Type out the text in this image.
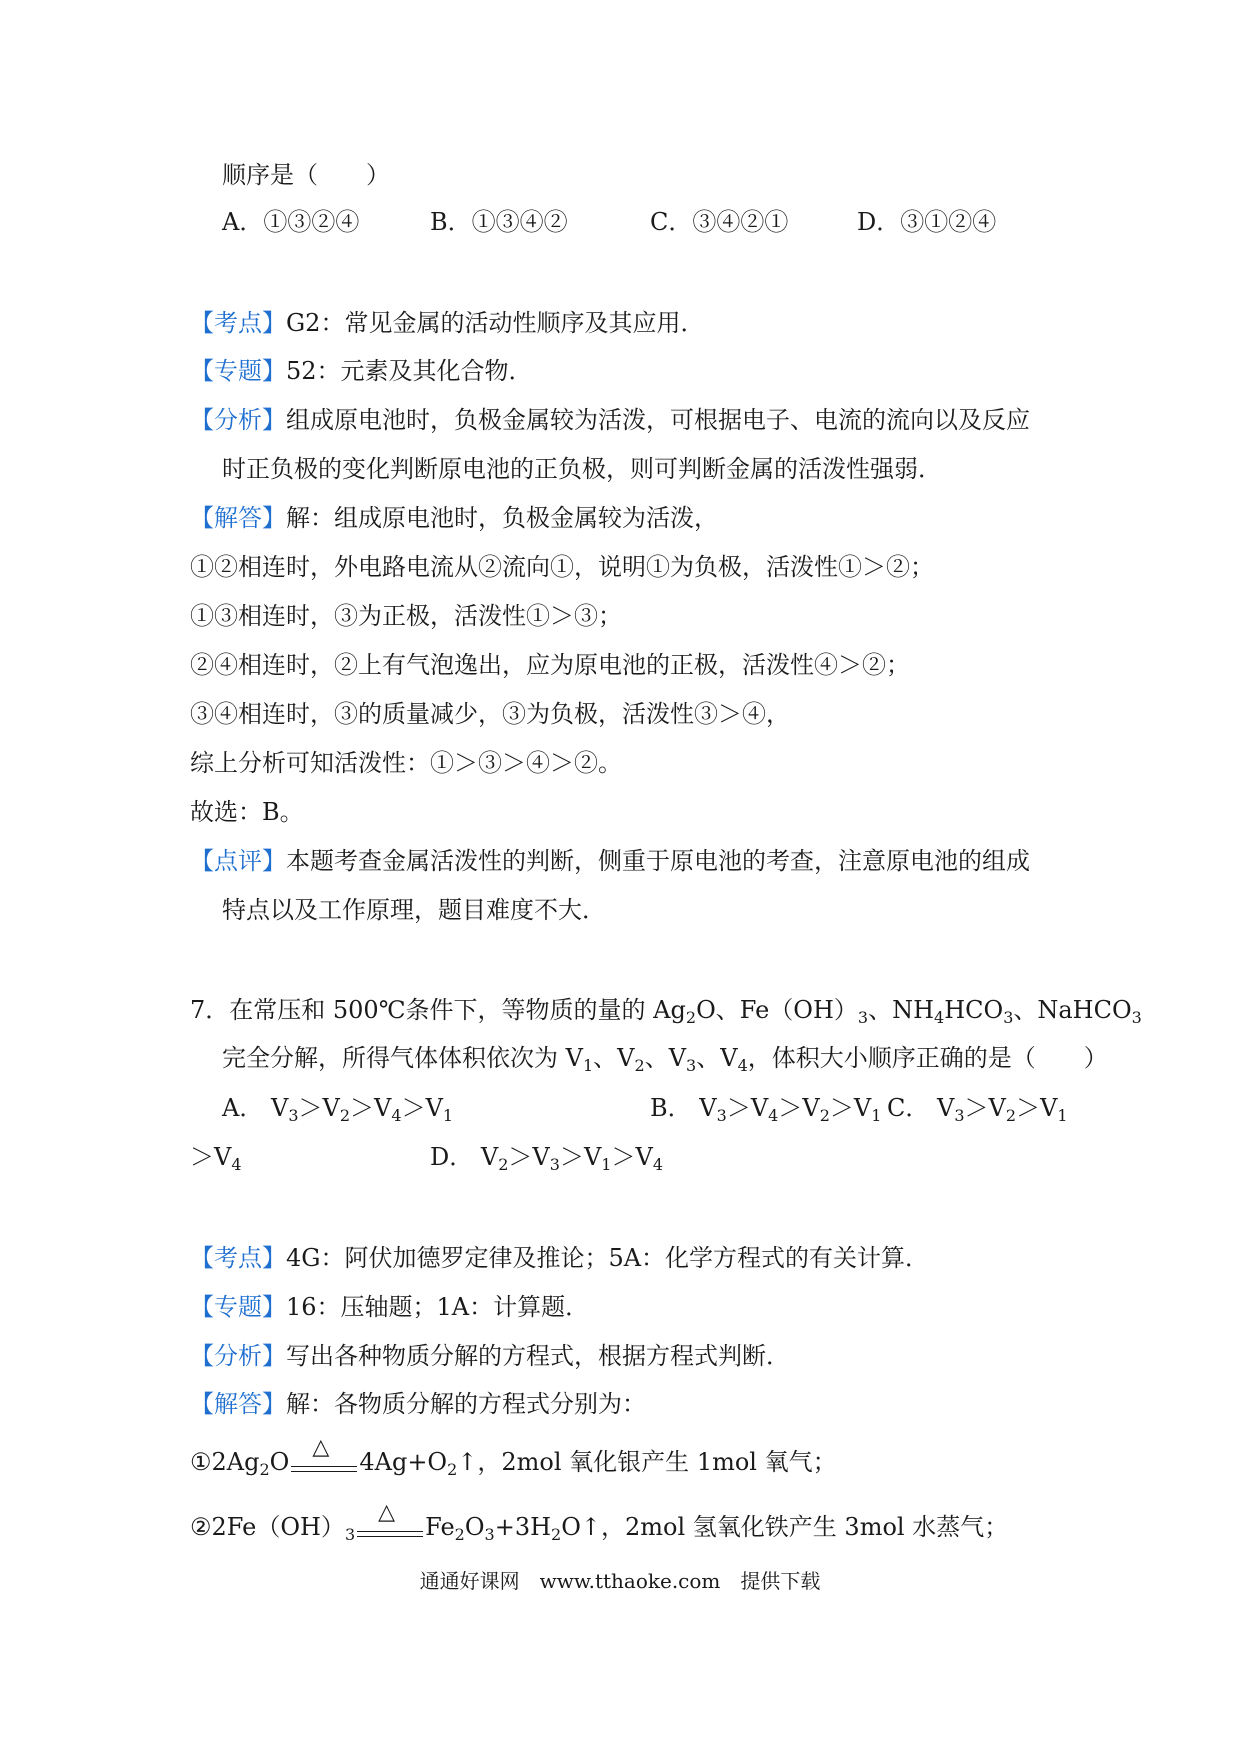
顺序是（　　）
A．①③②④	B．①③④②	C．③④②①	D．③①②④
【考点】G2：常见金属的活动性顺序及其应用．
【专题】52：元素及其化合物．
【分析】组成原电池时，负极金属较为活泼，可根据电子、电流的流向以及反应
时正负极的变化判断原电池的正负极，则可判断金属的活泼性强弱．
【解答】解：组成原电池时，负极金属较为活泼，
①②相连时，外电路电流从②流向①，说明①为负极，活泼性①＞②；
①③相连时，③为正极，活泼性①＞③；
②④相连时，②上有气泡逸出，应为原电池的正极，活泼性④＞②；
③④相连时，③的质量减少，③为负极，活泼性③＞④，
综上分析可知活泼性：①＞③＞④＞②。
故选：B。
【点评】本题考查金属活泼性的判断，侧重于原电池的考查，注意原电池的组成
特点以及工作原理，题目难度不大．
7．在常压和 500℃条件下，等物质的量的 $Ag_2O$、$Fe(OH)_3$、$NH_4HCO_3$、NaHCO$_3$
完全分解，所得气体体积依次为 $V_1$、$V_2$、$V_3$、$V_4$，体积大小顺序正确的是（　　）
A． $V_3>V_2>V_4>V_1$	B． $V_3>V_4>V_2>V_1$ C． $V_3>V_2>V_1$
$>V_4$	D． $V_2>V_3>V_1>V_4$
【考点】4G：阿伏加德罗定律及推论；5A：化学方程式的有关计算．
【专题】16：压轴题；1A：计算题．
【分析】写出各种物质分解的方程式，根据方程式判断．
【解答】解：各物质分解的方程式分别为：
$①2Ag_2O$
△
$4Ag+O_2↑$，2mol 氧化银产生 1mol 氧气；
$②2Fe(OH)_3$
△
$Fe_2O_3+3H_2O↑$，2mol 氢氧化铁产生 3mol 水蒸气；
通通好课网　www.tthaoke.com　提供下载
